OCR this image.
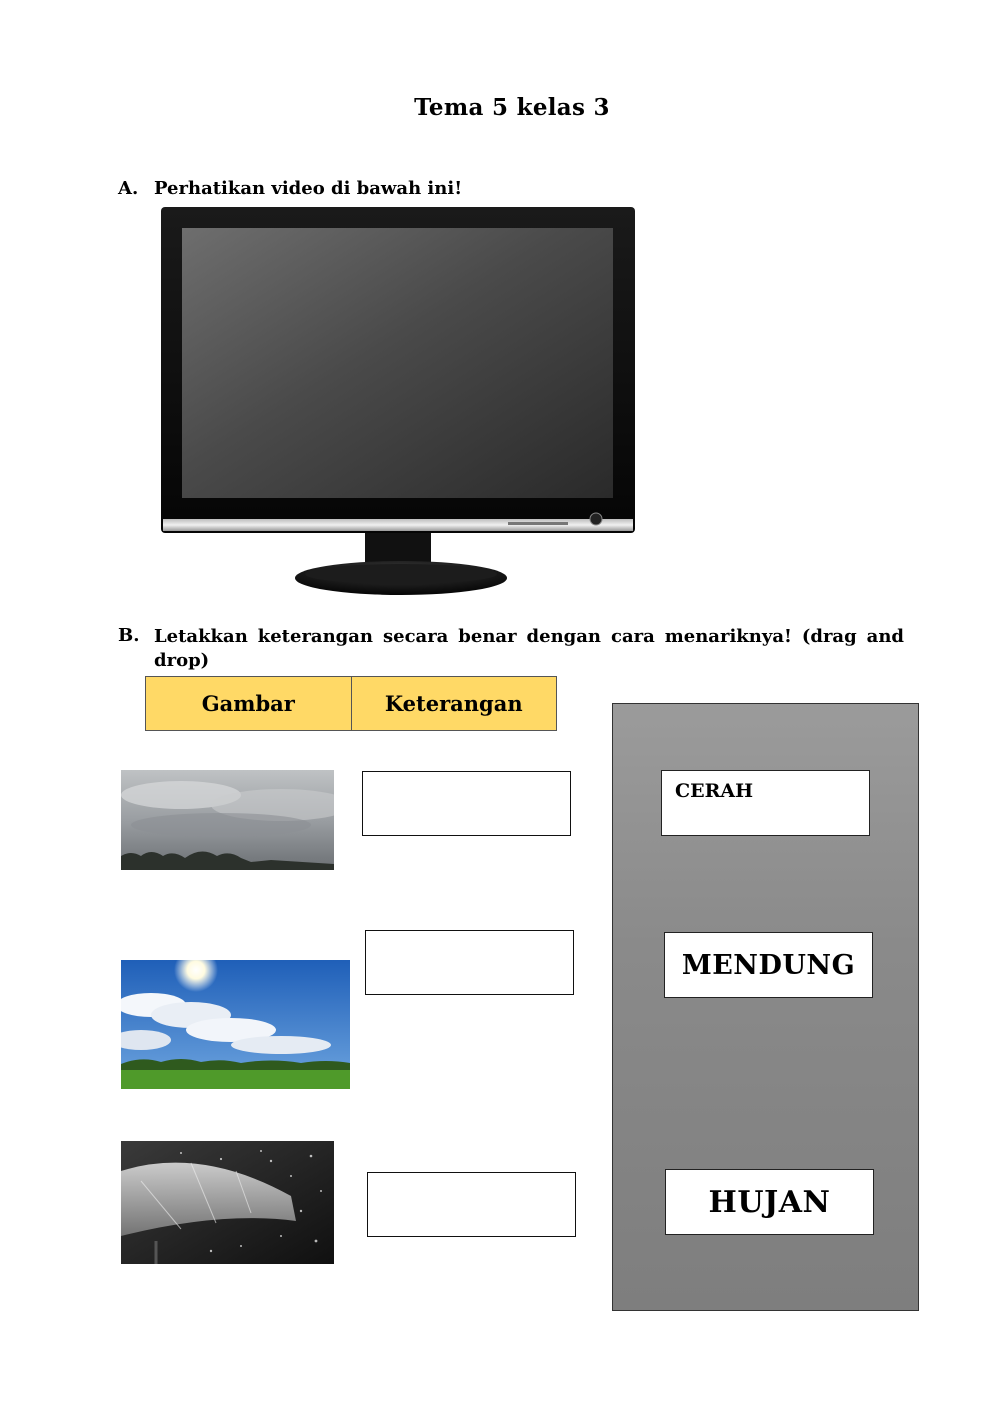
Tema 5 kelas 3
A. Perhatikan video di bawah ini!
B. Letakkan keterangan secara benar dengan cara menariknya! (drag and
drop)
Gambar	Keterangan
CERAH
MENDUNG
HUJAN
